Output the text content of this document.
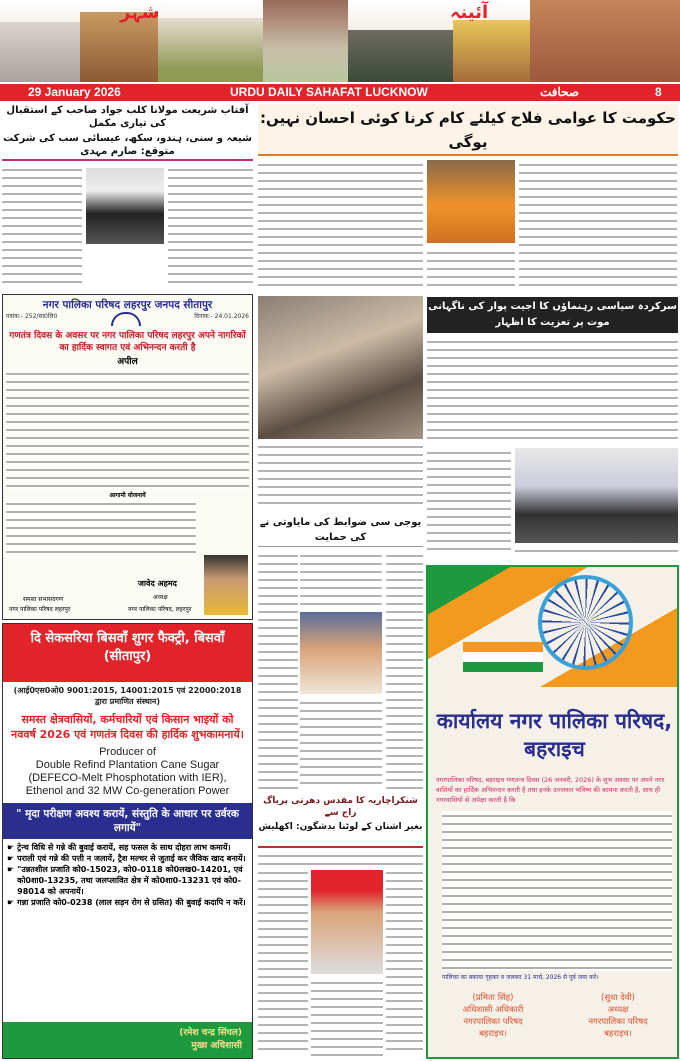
شہر	آئینہ
29 January 2026	URDU DAILY SAHAFAT LUCKNOW	صحافت	8
حکومت کا عوامی فلاح کیلئے کام کرنا کوئی احسان نہیں: یوگی
آفتاب شریعت مولانا کلب جواد صاحب کے استقبال کی تیاری مکمل
شیعہ و سنی، ہندو، سکھ، عیسائی سب کی شرکت متوقع: صارم مہدی
नगर पालिका परिषद लहरपुर जनपद सीतापुर
पत्रांक:- 252/सा0लि0	दिनांक:- 24.01.2026
गणतंत्र दिवस के अवसर पर नगर पालिका परिषद लहरपुर अपने नागरिकों का हार्दिक स्वागत एवं अभिनन्दन करती है
अपील
आगामी योजनायें
जावेद अहमद
अध्यक्ष
नगर पालिका परिषद, लहरपुर
समस्त सभासदगण
नगर पालिका परिषद लहरपुर
दि सेकसरिया बिसवाँ शुगर फैक्ट्री, बिसवाँ (सीतापुर)
(आई0एस0ओ0 9001:2015, 14001:2015 एवं 22000:2018 द्वारा प्रमाणित संस्थान)
समस्त क्षेत्रवासियों, कर्मचारियों एवं किसान भाइयों को नववर्ष 2026 एवं गणतंत्र दिवस की हार्दिक शुभकामनायें।
Producer of
Double Refind Plantation Cane Sugar
(DEFECO-Melt Phosphotation with IER),
Ethenol and 32 MW Co-generation Power
" मृदा परीक्षण अवश्य करायें, संस्तुति के आधार पर उर्वरक लगायें"
☛ ट्रेन्च विधि से गन्ने की बुवाई करायें, सह फसल के साथ दोहरा लाभ कमायें।
☛ पराली एवं गन्ने की पत्ती न जलायें, ट्रैश मल्चर से जुताई कर जैविक खाद बनायें।
☛ "उन्नतशील प्रजाति को0-15023, को0-0118 को0लख0-14201, एवं को0शा0-13235, तथा जलप्लावित क्षेत्र में को0शा0-13231 एवं को0-98014 को अपनायें।
☛ गन्ना प्रजाति को0-0238 (लाल सड़न रोग से ग्रसित) की बुवाई कदापि न करें।
(रमेश चन्द्र सिंघल)
मुख्य अधिशासी
یوجی سی ضوابط کی مایاوتی نے کی حمایت
شنکراچاریہ کا مقدس دھرتی پریاگ راج سے
بغیر اشنان کے لوٹنا بدشگون: اکھلیش
سرکردہ سیاسی رہنماؤں کا اجیت پوار کی ناگہانی موت پر تعزیت کا اظہار
कार्यालय नगर पालिका परिषद, बहराइच
नगरपालिका परिषद, बहराइच गणतन्त्र दिवस (26 जनवरी, 2026) के शुभ अवसर पर अपने नगर वासियों का हार्दिक अभिनन्दन करती है तथा इनके उज्जवल भविष्य की कामना करती है, साथ ही नगरवासियों से अपेक्षा करती है कि
पालिका का बकाया गृहकर व जलकर 31 मार्च, 2026 से पूर्व जमा करें।
(प्रमिता सिंह)
अधिशासी अधिकारी
नगरपालिका परिषद
बहराइच।
(सुधा देवी)
अध्यक्ष
नगरपालिका परिषद
बहराइच।
